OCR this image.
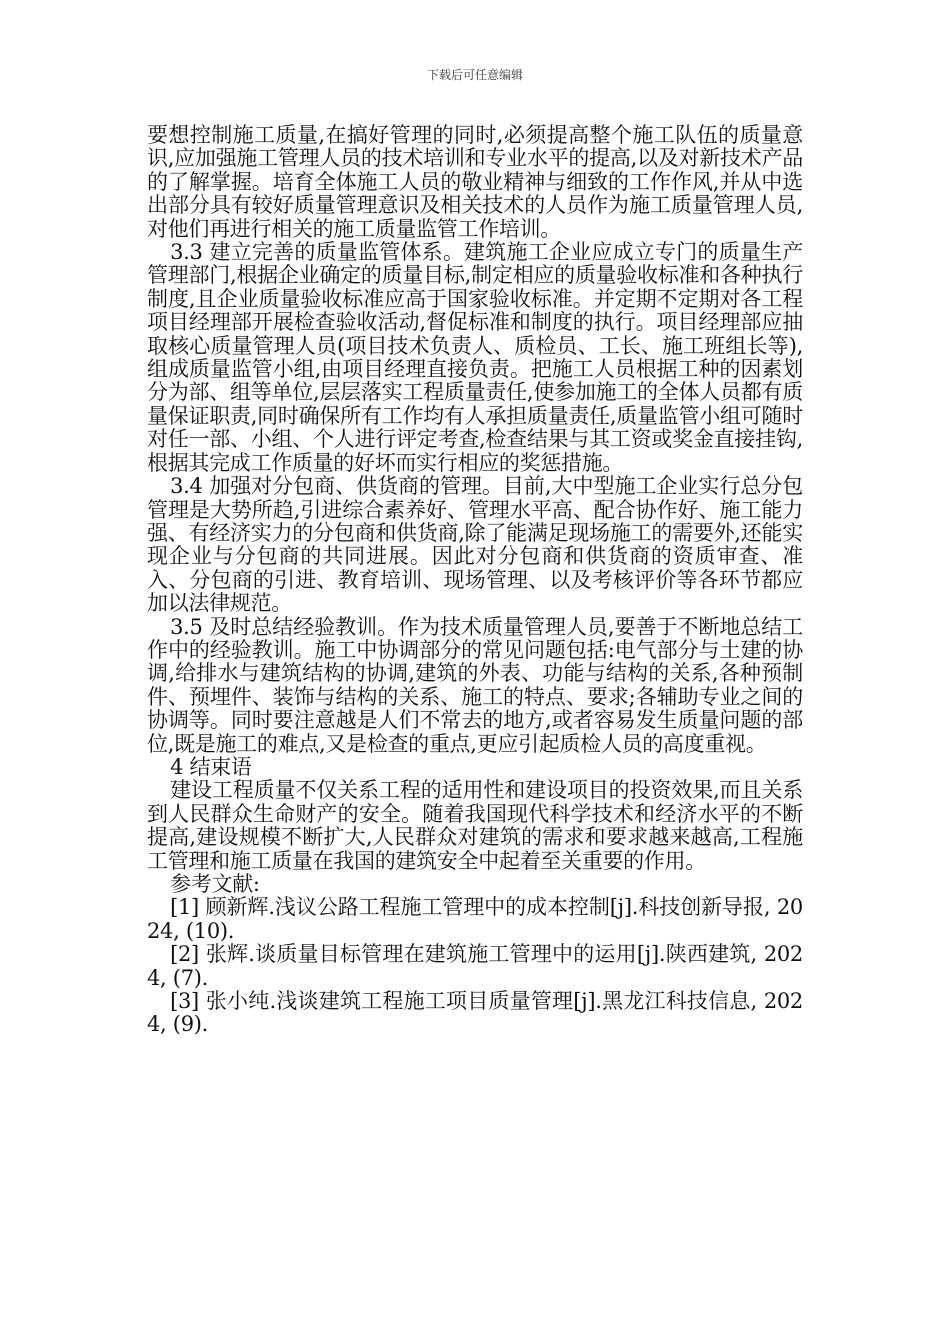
下载后可任意编辑

要想控制施工质量,在搞好管理的同时,必须提高整个施工队伍的质量意识,应加强施工管理人员的技术培训和专业水平的提高,以及对新技术产品的了解掌握。培育全体施工人员的敬业精神与细致的工作作风,并从中选出部分具有较好质量管理意识及相关技术的人员作为施工质量管理人员,对他们再进行相关的施工质量监管工作培训。

3.3 建立完善的质量监管体系。建筑施工企业应成立专门的质量生产管理部门,根据企业确定的质量目标,制定相应的质量验收标准和各种执行制度,且企业质量验收标准应高于国家验收标准。并定期不定期对各工程项目经理部开展检查验收活动,督促标准和制度的执行。项目经理部应抽取核心质量管理人员(项目技术负责人、质检员、工长、施工班组长等),组成质量监管小组,由项目经理直接负责。把施工人员根据工种的因素划分为部、组等单位,层层落实工程质量责任,使参加施工的全体人员都有质量保证职责,同时确保所有工作均有人承担质量责任,质量监管小组可随时对任一部、小组、个人进行评定考查,检查结果与其工资或奖金直接挂钩,根据其完成工作质量的好坏而实行相应的奖惩措施。

3.4 加强对分包商、供货商的管理。目前,大中型施工企业实行总分包管理是大势所趋,引进综合素养好、管理水平高、配合协作好、施工能力强、有经济实力的分包商和供货商,除了能满足现场施工的需要外,还能实现企业与分包商的共同进展。因此对分包商和供货商的资质审查、准入、分包商的引进、教育培训、现场管理、以及考核评价等各环节都应加以法律规范。

3.5 及时总结经验教训。作为技术质量管理人员,要善于不断地总结工作中的经验教训。施工中协调部分的常见问题包括:电气部分与土建的协调,给排水与建筑结构的协调,建筑的外表、功能与结构的关系,各种预制件、预埋件、装饰与结构的关系、施工的特点、要求;各辅助专业之间的协调等。同时要注意越是人们不常去的地方,或者容易发生质量问题的部位,既是施工的难点,又是检查的重点,更应引起质检人员的高度重视。

4 结束语

建设工程质量不仅关系工程的适用性和建设项目的投资效果,而且关系到人民群众生命财产的安全。随着我国现代科学技术和经济水平的不断提高,建设规模不断扩大,人民群众对建筑的需求和要求越来越高,工程施工管理和施工质量在我国的建筑安全中起着至关重要的作用。

参考文献:

[1] 顾新辉.浅议公路工程施工管理中的成本控制[j].科技创新导报, 2024, (10).

[2] 张辉.谈质量目标管理在建筑施工管理中的运用[j].陕西建筑, 2024, (7).

[3] 张小纯.浅谈建筑工程施工项目质量管理[j].黑龙江科技信息, 2024, (9).
